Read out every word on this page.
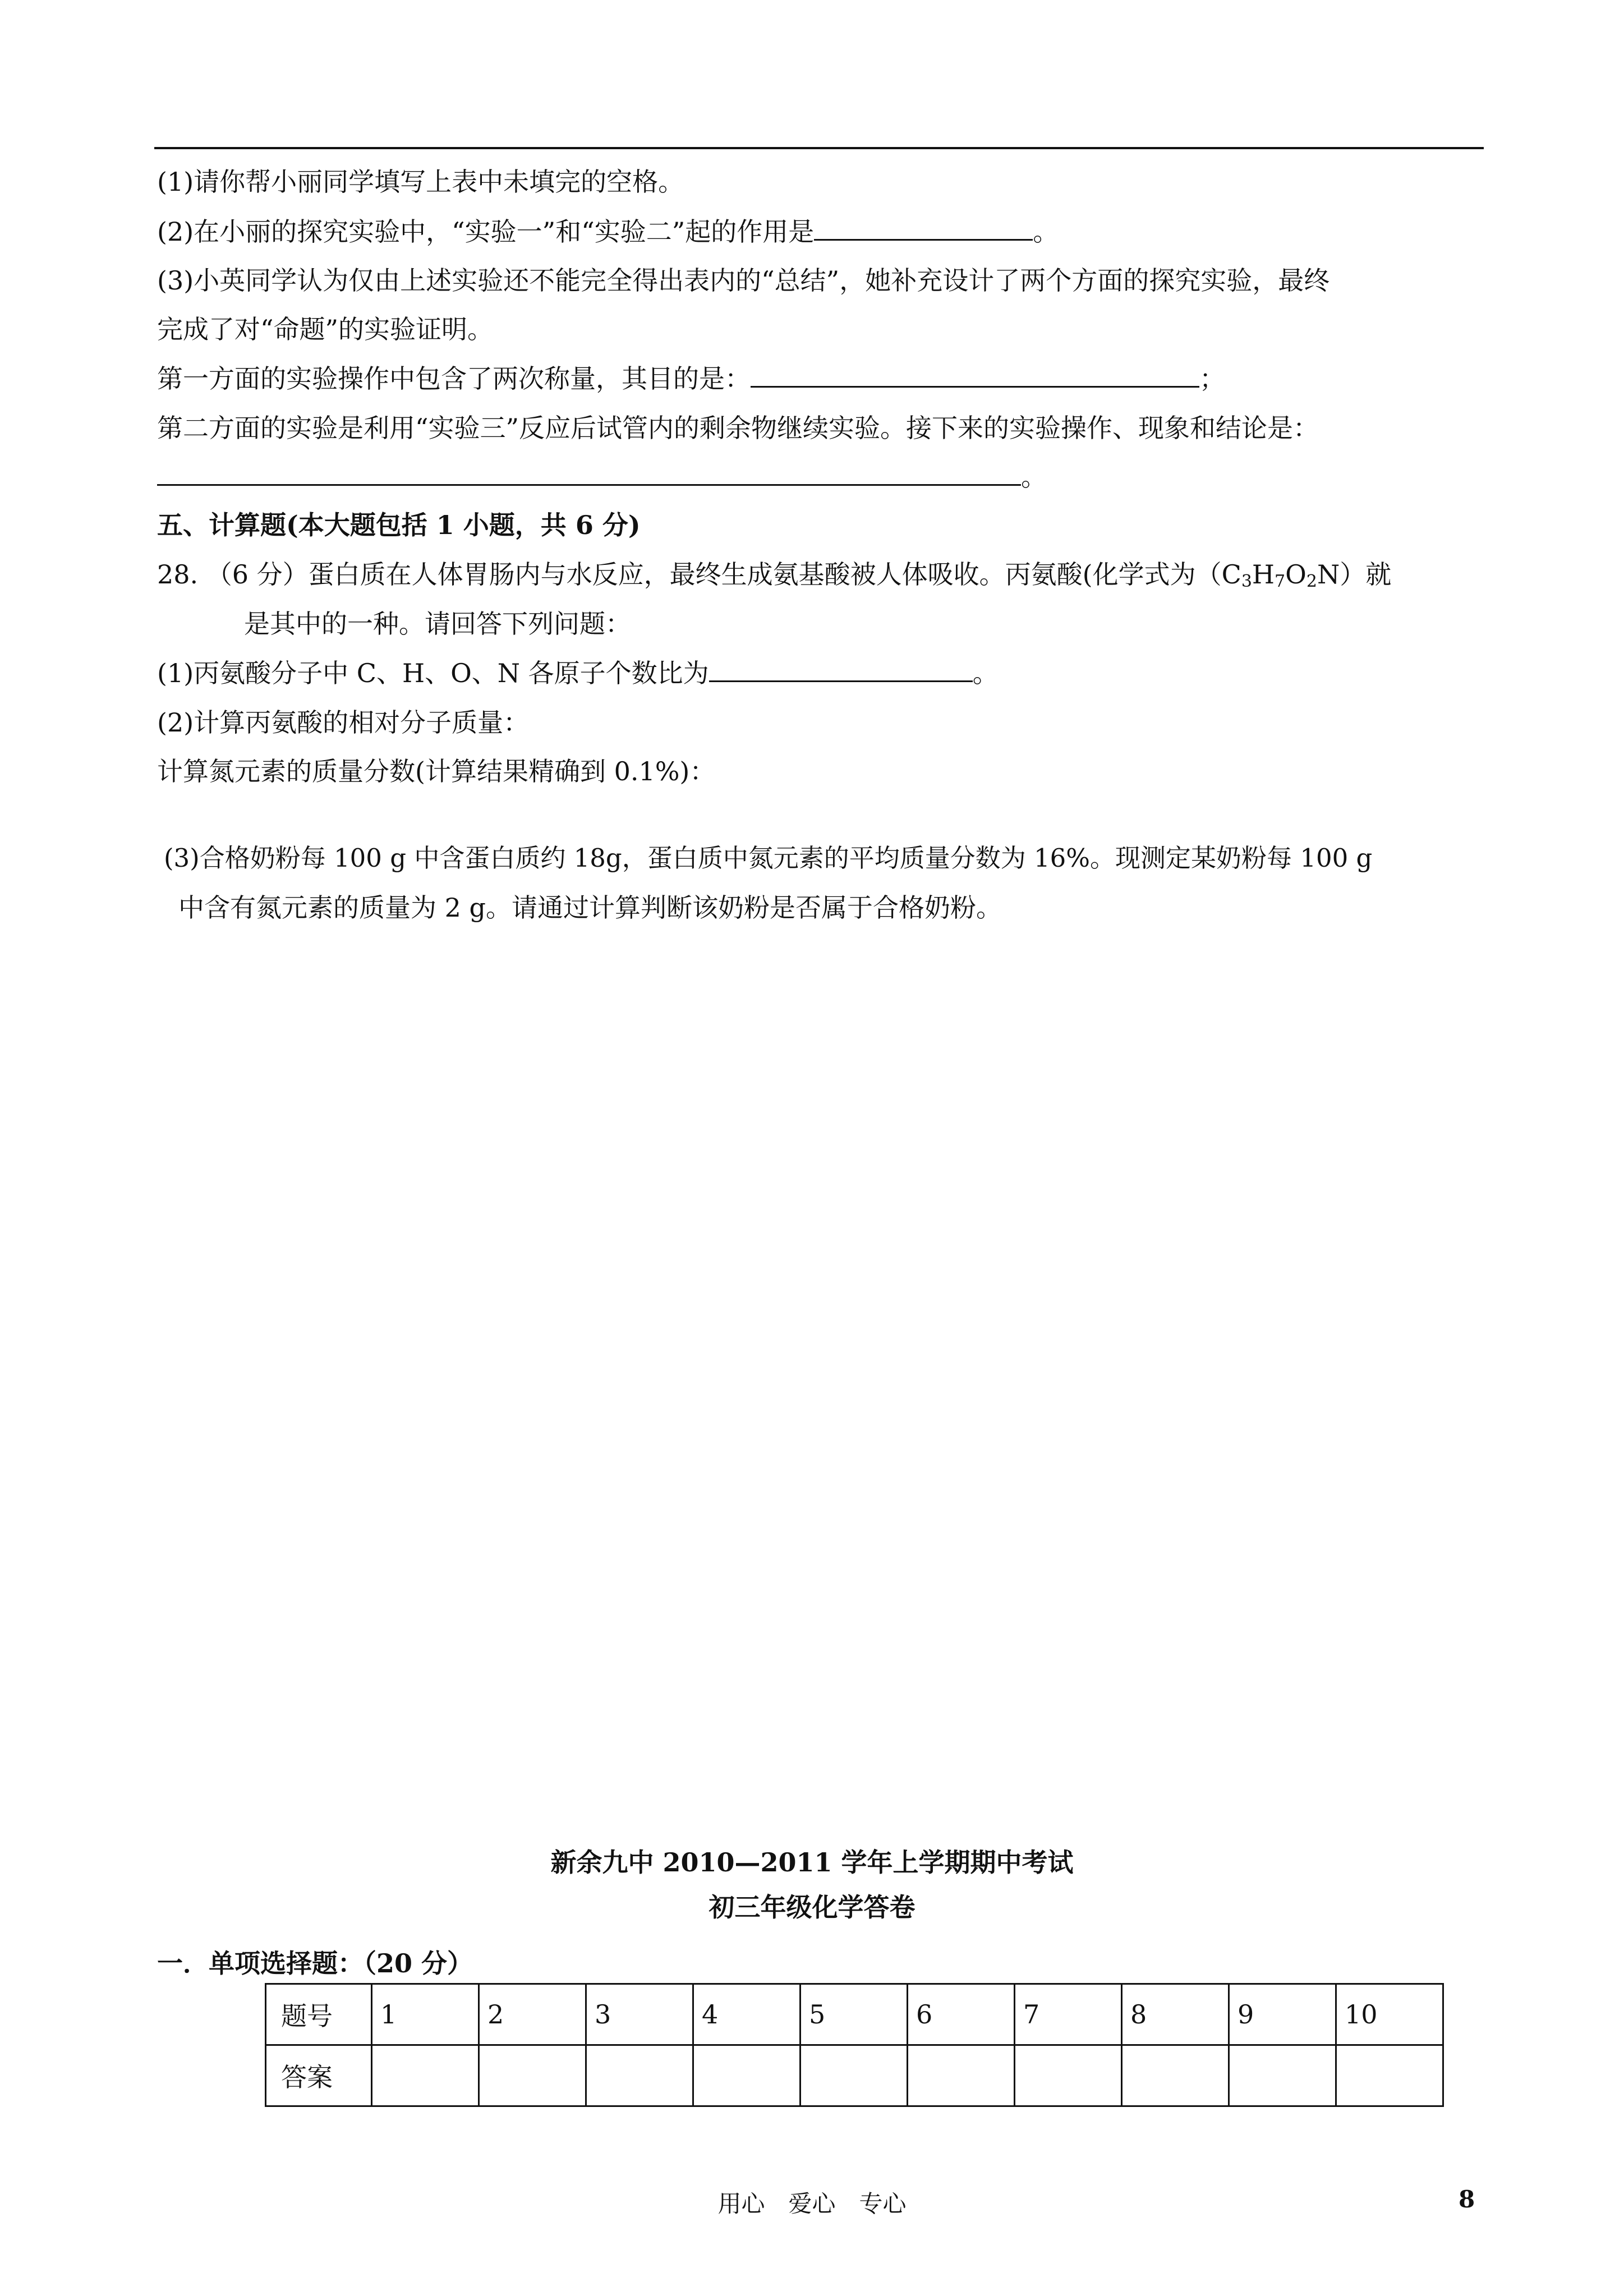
(1)请你帮小丽同学填写上表中未填完的空格。
(2)在小丽的探究实验中，“实验一”和“实验二”起的作用是	。
(3)小英同学认为仅由上述实验还不能完全得出表内的“总结”，她补充设计了两个方面的探究实验，最终
完成了对“命题”的实验证明。
第一方面的实验操作中包含了两次称量，其目的是：	；
第二方面的实验是利用“实验三”反应后试管内的剩余物继续实验。接下来的实验操作、现象和结论是：
。
五、计算题(本大题包括 1 小题，共 6 分)
28. （6 分）蛋白质在人体胃肠内与水反应，最终生成氨基酸被人体吸收。丙氨酸(化学式为$(C_3H_7O_2N)$就
是其中的一种。请回答下列问题：
(1)丙氨酸分子中 C、H、O、N 各原子个数比为	。
(2)计算丙氨酸的相对分子质量：
计算氮元素的质量分数(计算结果精确到 0.1%)：
(3)合格奶粉每 100 g 中含蛋白质约 18g，蛋白质中氮元素的平均质量分数为 16%。现测定某奶粉每 100 g
中含有氮元素的质量为 2 g。请通过计算判断该奶粉是否属于合格奶粉。
新余九中 2010—2011 学年上学期期中考试
初三年级化学答卷
一．单项选择题：（20 分）
题号	1	2	3	4	5	6	7	8	9	10
答案										
用心　爱心　专心	8
